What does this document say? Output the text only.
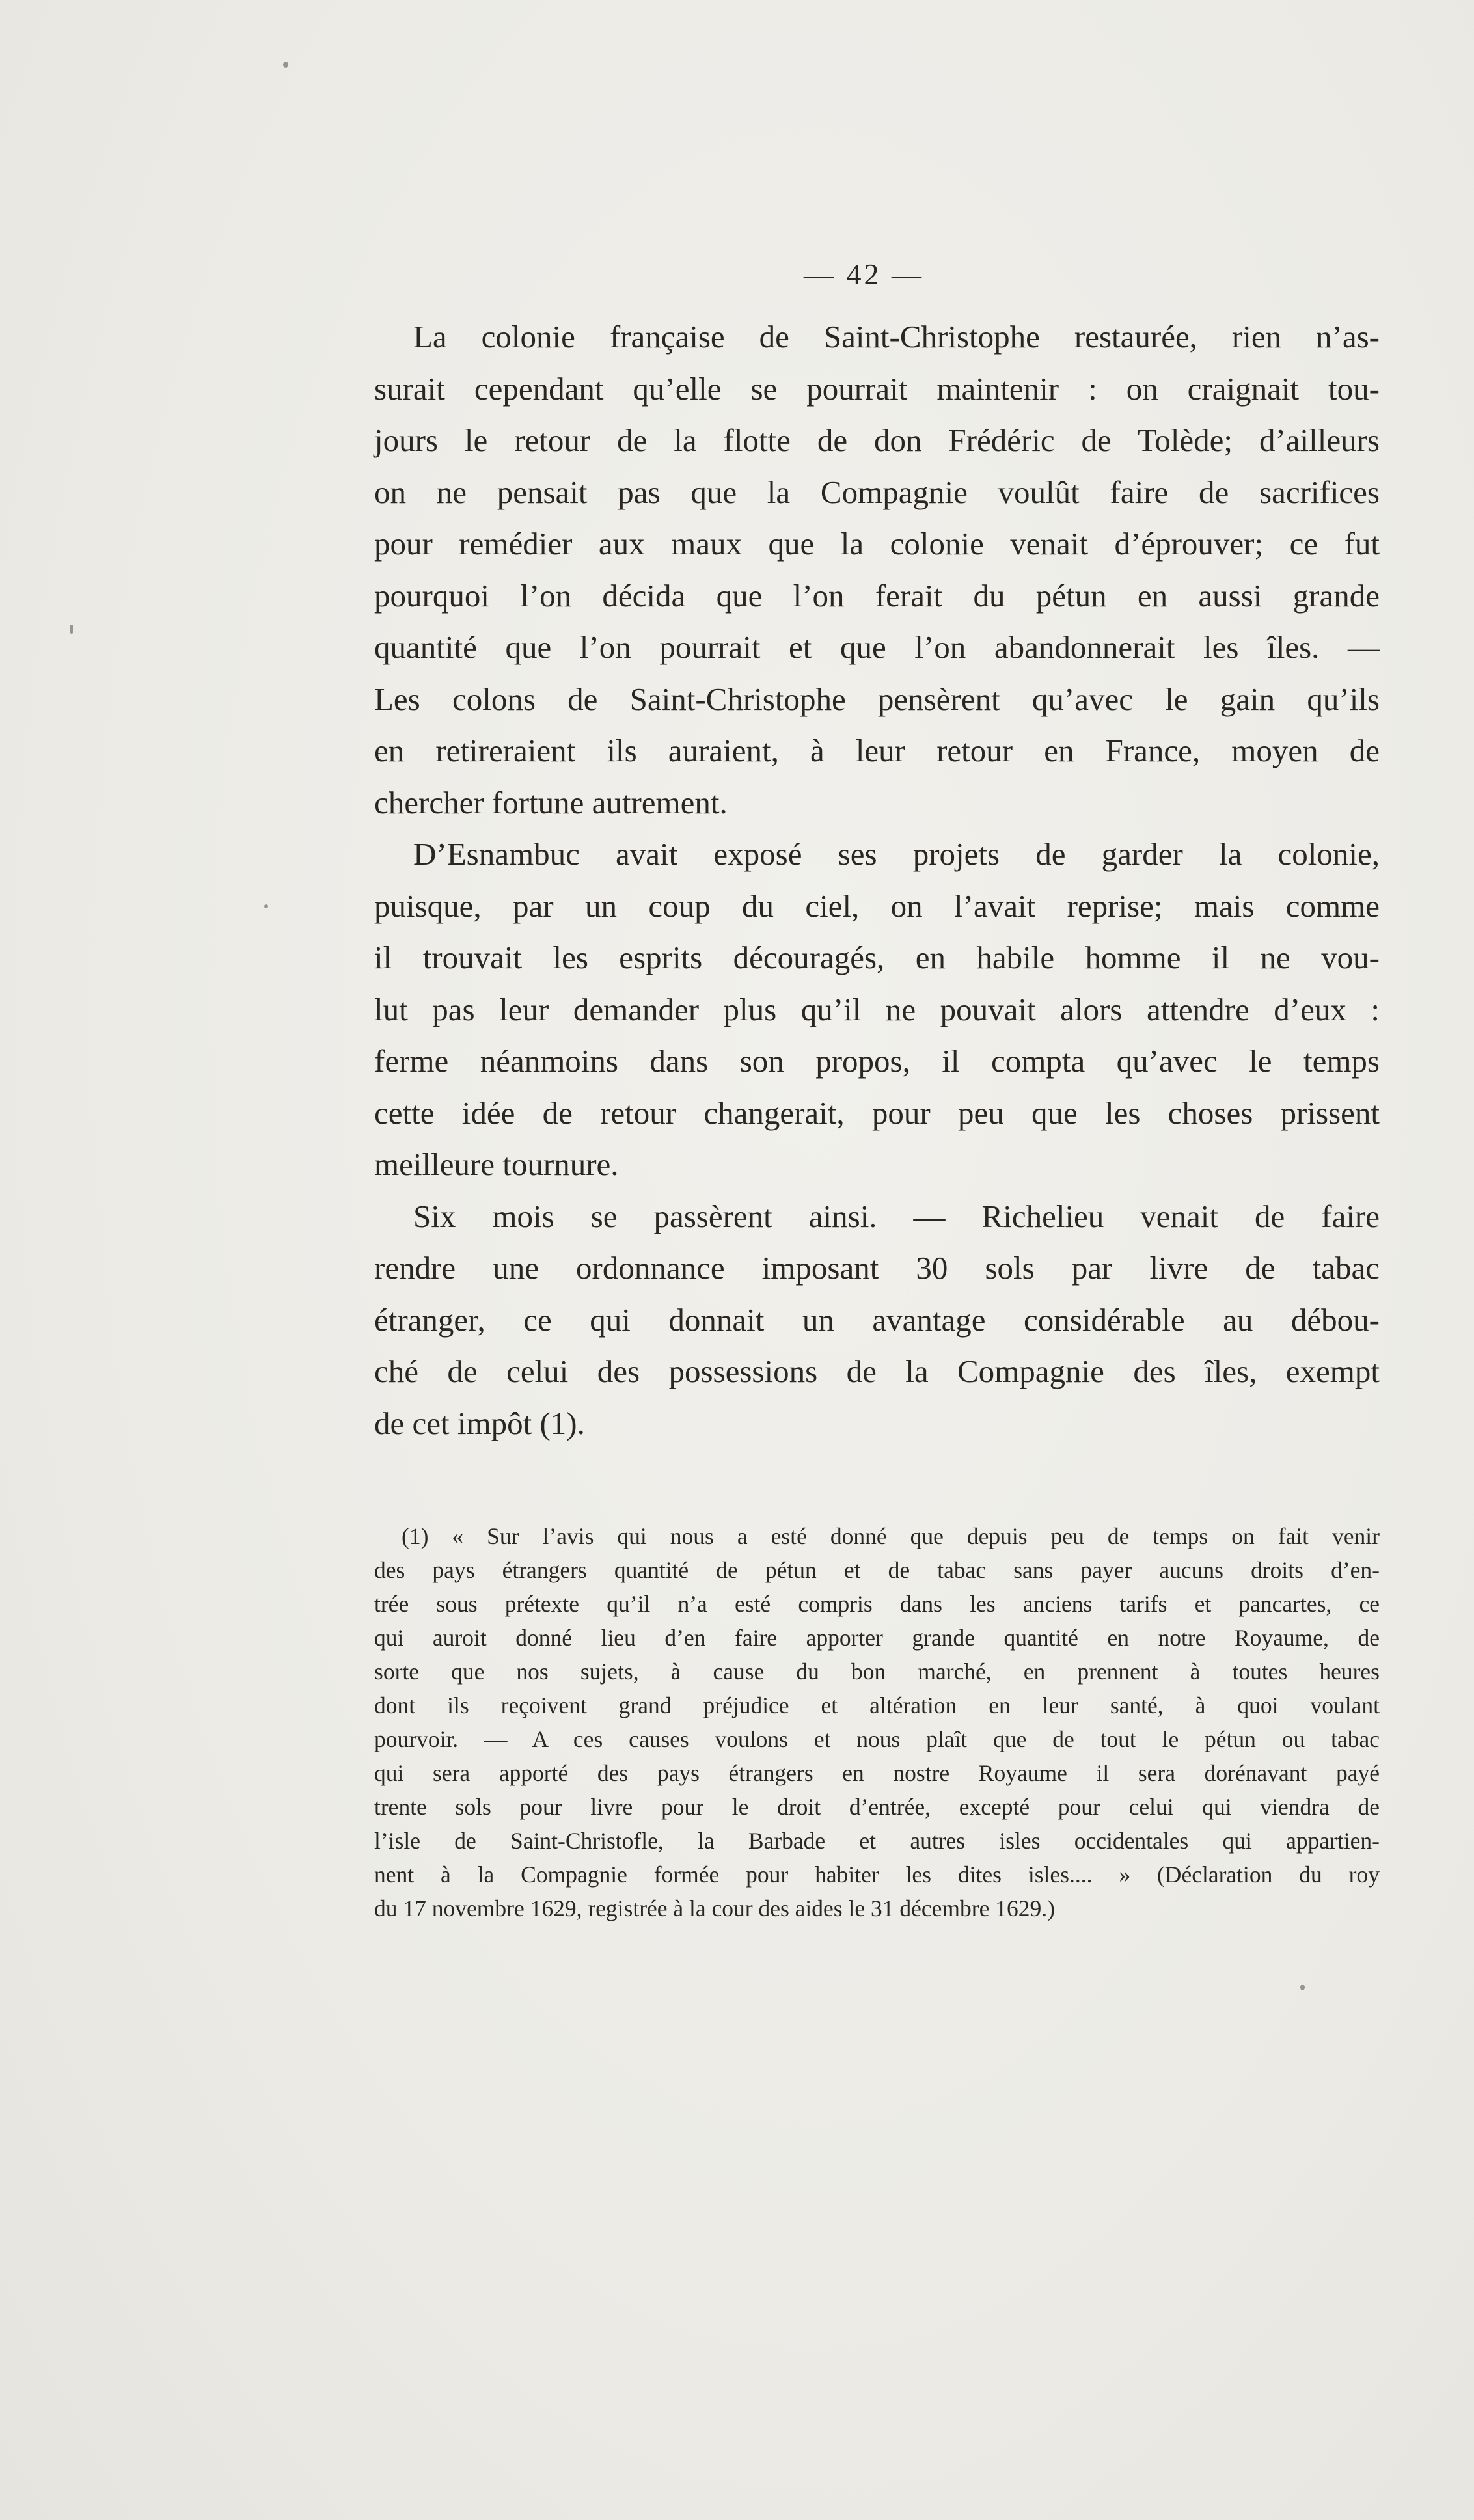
— 42 —
La colonie française de Saint-Christophe restaurée, rien n’as-
surait cependant qu’elle se pourrait maintenir : on craignait tou-
jours le retour de la flotte de don Frédéric de Tolède; d’ailleurs
on ne pensait pas que la Compagnie voulût faire de sacrifices
pour remédier aux maux que la colonie venait d’éprouver; ce fut
pourquoi l’on décida que l’on ferait du pétun en aussi grande
quantité que l’on pourrait et que l’on abandonnerait les îles. —
Les colons de Saint-Christophe pensèrent qu’avec le gain qu’ils
en retireraient ils auraient, à leur retour en France, moyen de
chercher fortune autrement.
D’Esnambuc avait exposé ses projets de garder la colonie,
puisque, par un coup du ciel, on l’avait reprise; mais comme
il trouvait les esprits découragés, en habile homme il ne vou-
lut pas leur demander plus qu’il ne pouvait alors attendre d’eux :
ferme néanmoins dans son propos, il compta qu’avec le temps
cette idée de retour changerait, pour peu que les choses prissent
meilleure tournure.
Six mois se passèrent ainsi. — Richelieu venait de faire
rendre une ordonnance imposant 30 sols par livre de tabac
étranger, ce qui donnait un avantage considérable au débou-
ché de celui des possessions de la Compagnie des îles, exempt
de cet impôt (1).
(1) « Sur l’avis qui nous a esté donné que depuis peu de temps on fait venir
des pays étrangers quantité de pétun et de tabac sans payer aucuns droits d’en-
trée sous prétexte qu’il n’a esté compris dans les anciens tarifs et pancartes, ce
qui auroit donné lieu d’en faire apporter grande quantité en notre Royaume, de
sorte que nos sujets, à cause du bon marché, en prennent à toutes heures
dont ils reçoivent grand préjudice et altération en leur santé, à quoi voulant
pourvoir. — A ces causes voulons et nous plaît que de tout le pétun ou tabac
qui sera apporté des pays étrangers en nostre Royaume il sera dorénavant payé
trente sols pour livre pour le droit d’entrée, excepté pour celui qui viendra de
l’isle de Saint-Christofle, la Barbade et autres isles occidentales qui appartien-
nent à la Compagnie formée pour habiter les dites isles.... » (Déclaration du roy
du 17 novembre 1629, registrée à la cour des aides le 31 décembre 1629.)
